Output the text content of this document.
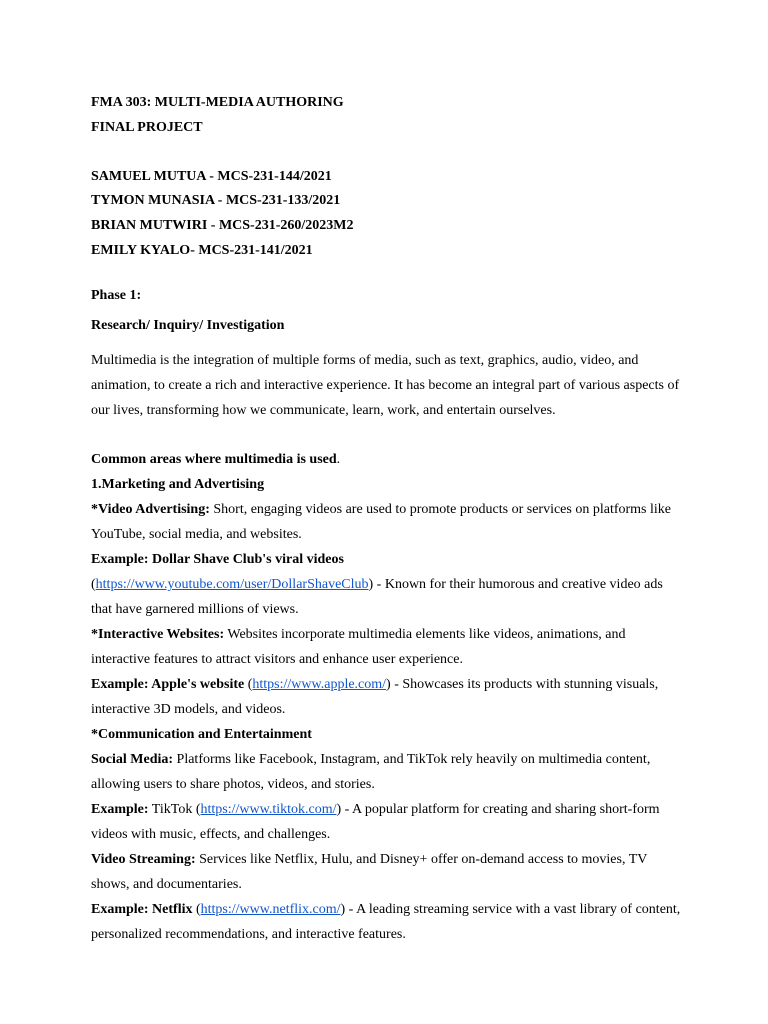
FMA 303: MULTI-MEDIA AUTHORING

FINAL PROJECT

SAMUEL MUTUA - MCS-231-144/2021

TYMON MUNASIA - MCS-231-133/2021

BRIAN MUTWIRI - MCS-231-260/2023M2

EMILY KYALO- MCS-231-141/2021

Phase 1:

Research/ Inquiry/ Investigation

Multimedia is the integration of multiple forms of media, such as text, graphics, audio, video, and animation, to create a rich and interactive experience. It has become an integral part of various aspects of our lives, transforming how we communicate, learn, work, and entertain ourselves.

Common areas where multimedia is used.

1.Marketing and Advertising

*Video Advertising: Short, engaging videos are used to promote products or services on platforms like YouTube, social media, and websites.

Example: Dollar Shave Club's viral videos

(https://www.youtube.com/user/DollarShaveClub) - Known for their humorous and creative video ads that have garnered millions of views.

*Interactive Websites: Websites incorporate multimedia elements like videos, animations, and interactive features to attract visitors and enhance user experience.

Example: Apple's website (https://www.apple.com/) - Showcases its products with stunning visuals, interactive 3D models, and videos.

*Communication and Entertainment

Social Media: Platforms like Facebook, Instagram, and TikTok rely heavily on multimedia content, allowing users to share photos, videos, and stories.

Example: TikTok (https://www.tiktok.com/) - A popular platform for creating and sharing short-form videos with music, effects, and challenges.

Video Streaming: Services like Netflix, Hulu, and Disney+ offer on-demand access to movies, TV shows, and documentaries.

Example: Netflix (https://www.netflix.com/) - A leading streaming service with a vast library of content, personalized recommendations, and interactive features.
